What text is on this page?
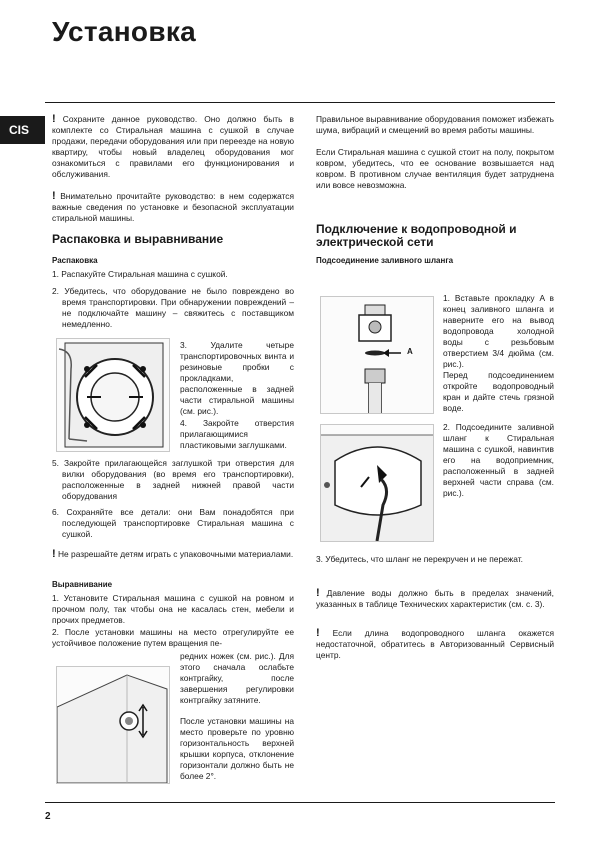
Установка
CIS
! Сохраните данное руководство. Оно должно быть в комплекте со Стиральная машина с сушкой в случае продажи, передачи оборудования или при переезде на новую квартиру, чтобы новый владелец оборудования мог ознакомиться с правилами его функционирования и обслуживания.
! Внимательно прочитайте руководство: в нем содержатся важные сведения по установке и безопасной эксплуатации стиральной машины.
Распаковка и выравнивание
Распаковка
1. Распакуйте Стиральная машина с сушкой.
2. Убедитесь, что оборудование не было повреждено во время транспортировки. При обнаружении повреждений – не подключайте машину – свяжитесь с поставщиком немедленно.
3. Удалите четыре транспортировочных винта и резиновые пробки с прокладками, расположенные в задней части стиральной машины (см. рис.).
4. Закройте отверстия прилагающимися пластиковыми заглушками.
5. Закройте прилагающейся заглушкой три отверстия для вилки оборудования (во время его транспортировки), расположенные в задней нижней правой части оборудования
6. Сохраняйте все детали: они Вам понадобятся при последующей транспортировке Стиральная машина с сушкой.
! Не разрешайте детям играть с упаковочными материалами.
Выравнивание
1. Установите Стиральная машина с сушкой на ровном и прочном полу, так чтобы она не касалась стен, мебели и прочих предметов.
2. После установки машины на место отрегулируйте ее устойчивое положение путем вращения пе-
редних ножек (см. рис.). Для этого сначала ослабьте контргайку, после завершения регулировки контргайку затяните.
После установки машины на место проверьте по уровню горизонтальность верхней крышки корпуса, отклонение горизонтали должно быть не более 2°.
Правильное выравнивание оборудования поможет избежать шума, вибраций и смещений во время работы машины.
Если Стиральная машина с сушкой стоит на полу, покрытом ковром, убедитесь, что ее основание возвышается над ковром. В противном случае вентиляция будет затруднена или вовсе невозможна.
Подключение к водопроводной и электрической сети
Подсоединение заливного шланга
A
1. Вставьте прокладку A в конец заливного шланга и наверните его на вывод водопровода холодной воды с резьбовым отверстием 3/4 дюйма (см. рис.).
Перед подсоединением откройте водопроводный кран и дайте стечь грязной воде.
2. Подсоедините заливной шланг к Стиральная машина с сушкой, навинтив его на водоприемник, расположенный в задней верхней части справа (см. рис.).
3. Убедитесь, что шланг не перекручен и не пережат.
! Давление воды должно быть в пределах значений, указанных в таблице Технических характеристик (см. с. 3).
! Если длина водопроводного шланга окажется недостаточной, обратитесь в Авторизованный Сервисный центр.
2
